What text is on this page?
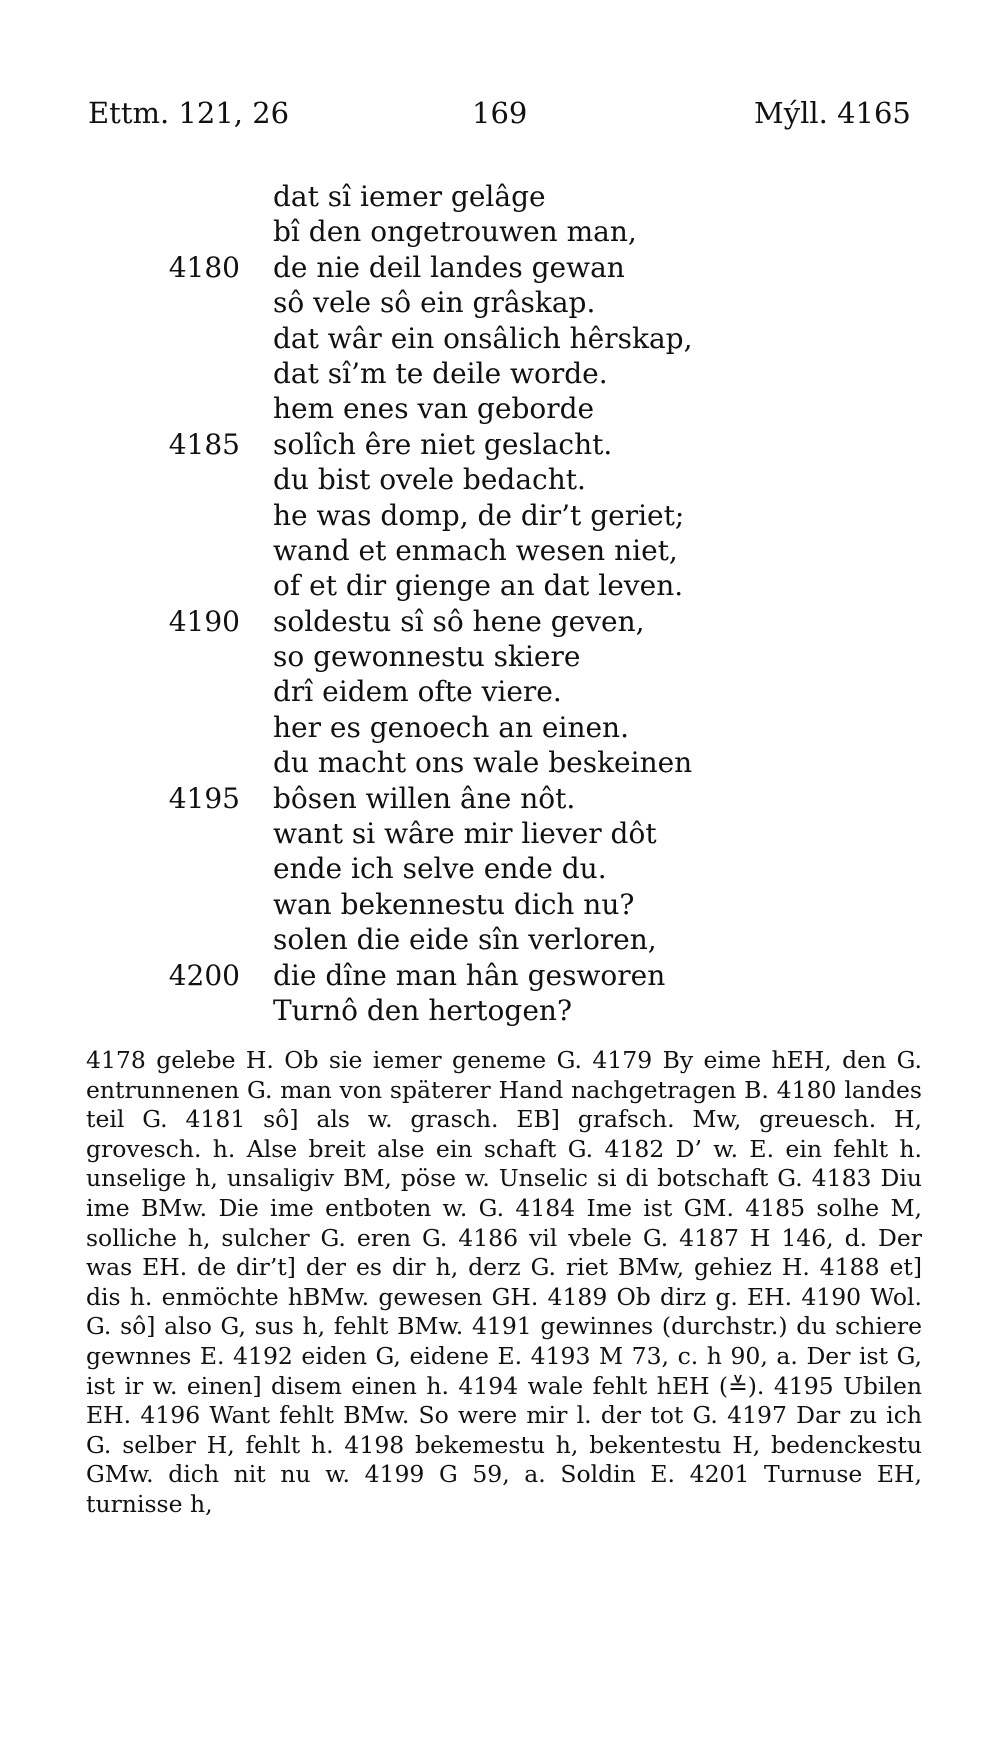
Ettm. 121, 26	169	Mýll. 4165
dat sî iemer gelâge
bî den ongetrouwen man,
4180 de nie deil landes gewan
sô vele sô ein grâskap.
dat wâr ein onsâlich hêrskap,
dat sî’m te deile worde.
hem enes van geborde
4185 solîch êre niet geslacht.
du bist ovele bedacht.
he was domp, de dir’t geriet;
wand et enmach wesen niet,
of et dir gienge an dat leven.
4190 soldestu sî sô hene geven,
so gewonnestu skiere
drî eidem ofte viere.
her es genoech an einen.
du macht ons wale beskeinen
4195 bôsen willen âne nôt.
want si wâre mir liever dôt
ende ich selve ende du.
wan bekennestu dich nu?
solen die eide sîn verloren,
4200 die dîne man hân gesworen
Turnô den hertogen?

4178 gelebe H. Ob sie iemer geneme G. 4179 By eime hEH, den G. entrunnenen G. man von späterer Hand nachgetragen B. 4180 landes teil G. 4181 sô] als w. grasch. EB] grafsch. Mw, greuesch. H, grovesch. h. Alse breit alse ein schaft G. 4182 D’ w. E. ein fehlt h. unselige h, unsaligiv BM, pöse w. Unselic si di botschaft G. 4183 Diu ime BMw. Die ime entboten w. G. 4184 Ime ist GM. 4185 solhe M, solliche h, sulcher G. eren G. 4186 vil vbele G. 4187 H 146, d. Der was EH. de dir’t] der es dir h, derz G. riet BMw, gehiez H. 4188 et] dis h. enmöchte hBMw. gewesen GH. 4189 Ob dirz g. EH. 4190 Wol. G. sô] also G, sus h, fehlt BMw. 4191 gewinnes (durchstr.) du schiere gewnnes E. 4192 eiden G, eidene E. 4193 M 73, c. h 90, a. Der ist G, ist ir w. einen] disem einen h. 4194 wale fehlt hEH (≚). 4195 Ubilen EH. 4196 Want fehlt BMw. So were mir l. der tot G. 4197 Dar zu ich G. selber H, fehlt h. 4198 bekemestu h, bekentestu H, bedenckestu GMw. dich nit nu w. 4199 G 59, a. Soldin E. 4201 Turnuse EH, turnisse h,
